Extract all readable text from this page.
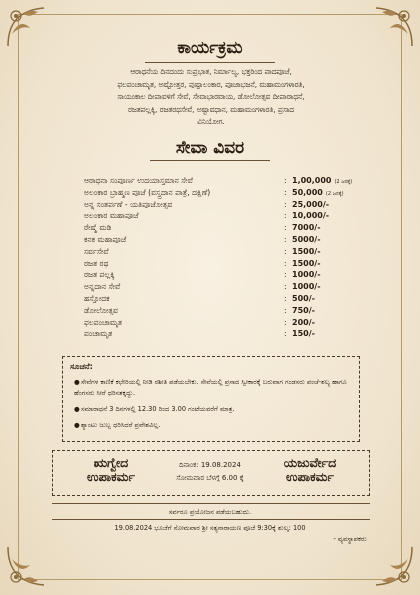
ಕಾರ್ಯಕ್ರಮ
ಆರಾಧನೆಯ ದಿನದಂದು ಸುಪ್ರಭಾತ, ನಿರ್ಮಾಲ್ಯ, ಭಕ್ತರಿಂದ ಪಾದಪೂಜೆ,
ಫಲಪಂಚಾಮೃತ, ಅಷ್ಟೋತ್ತರ, ಪುಷ್ಪಾಲಂಕಾರ, ಪೂಜಾಭಜನೆ, ಮಹಾಮಂಗಳಾರತಿ,
ಸಾಯಂಕಾಲ ದೀಪಾವಳಿಗೆ ಸೇವೆ, ಸೇವಾಭಾರವಾಯ, ಡೋಲೋತ್ಸವ ದೀಪಾರಾಧನೆ,
ರಜತಪಲ್ಲಕ್ಕಿ, ರಜತರಥಸೇವೆ, ಅಷ್ಟಾವಧಾನ, ಮಹಾಮಂಗಳಾರತಿ, ಪ್ರಸಾದ
ವಿನಿಯೋಗ.
ಸೇವಾ ವಿವರ
ಆರಾಧನಾ ಸಂಪೂರ್ಣ ಉದಯಾಸ್ತಮಾನ ಸೇವೆ	: 1,00,000 (2 ಜನಕ್ಕೆ)
ಅಲಂಕಾರ ಬ್ರಾಹ್ಮಣ ಪೂಜೆ (ವಸ್ತ್ರದಾನ ಪಾತ್ರೆ, ದಕ್ಷಿಣೆ)	: 50,000 (2 ಜನಕ್ಕೆ)
ಅನ್ನ ಸಂತರ್ಪಣೆ - ಯತಿಪೂಜೋತ್ಸವ	: 25,000/-
ಅಲಂಕಾರ ಮಹಾಪೂಜೆ	: 10,000/-
ರೇಷ್ಮೆ ಮಡಿ	: 7000/-
ಕನಕ ಮಹಾಪೂಜೆ	: 5000/-
ಸರ್ವಸೇವೆ	: 1500/-
ರಜತ ರಥ	: 1500/-
ರಜತ ಪಲ್ಲಕ್ಕಿ	: 1000/-
ಅನ್ನದಾನ ಸೇವೆ	: 1000/-
ಹಸ್ತೋದಕ	: 500/-
ಡೋಲೋತ್ಸವ	: 750/-
ಫಲಪಂಚಾಮೃತ	: 200/-
ಪಂಚಾಮೃತ	: 150/-
ಸೂಚನೆ:
●ಸೇವೆಗಳ ಕಾಣಿಕೆ ಕಛೇರಿಯಲ್ಲಿ ನೀಡಿ ರಶೀತಿ ಪಡೆಯಬೇಕು. ಸೇವೆಯಲ್ಲಿ ಪ್ರಸಾದ ಸ್ವೀಕಾರಕ್ಕೆ ಬರುವಾಗ ಗಂಡಸರು ಪಂಚೆ-ಶಲ್ಯ ಹಾಗೂ ಹೆಂಗಸರು ಸೀರೆ ಧರಿಸತಕ್ಕದ್ದು.
●ಸಮಾರಾಧನೆ 3 ದಿನಗಳಲ್ಲಿ 12.30 ರಿಂದ 3.00 ಗಂಟೆಯವರೆಗೆ ಮಾತ್ರ.
●ಶ್ಯಾಂಟು ಜುಬ್ಬ ಧರಿಸಿದರೆ ಪ್ರವೇಶವಿಲ್ಲ.
ಋಗ್ವೇದ
ಉಪಾಕರ್ಮ
ದಿನಾಂಕ: 19.08.2024
ಸೋಮವಾರ ಬೆಳಗ್ಗೆ 6.00 ಕ್ಕೆ
ಯಜುರ್ವೇದ
ಉಪಾಕರ್ಮ
ಸರ್ವರೂ ಪ್ರಯೋಜನ ಪಡೆಯಬಹುದು.
19.08.2024 ಭೂಜೆಗೆ ಸೋಮವಾರ ಶ್ರೀ ಸತ್ಯನಾರಾಯಣ ಪೂಜೆ 9:30ಕ್ಕೆ ಶುಲ್ಕ: 100
- ವ್ಯವಸ್ಥಾಪಕರು
